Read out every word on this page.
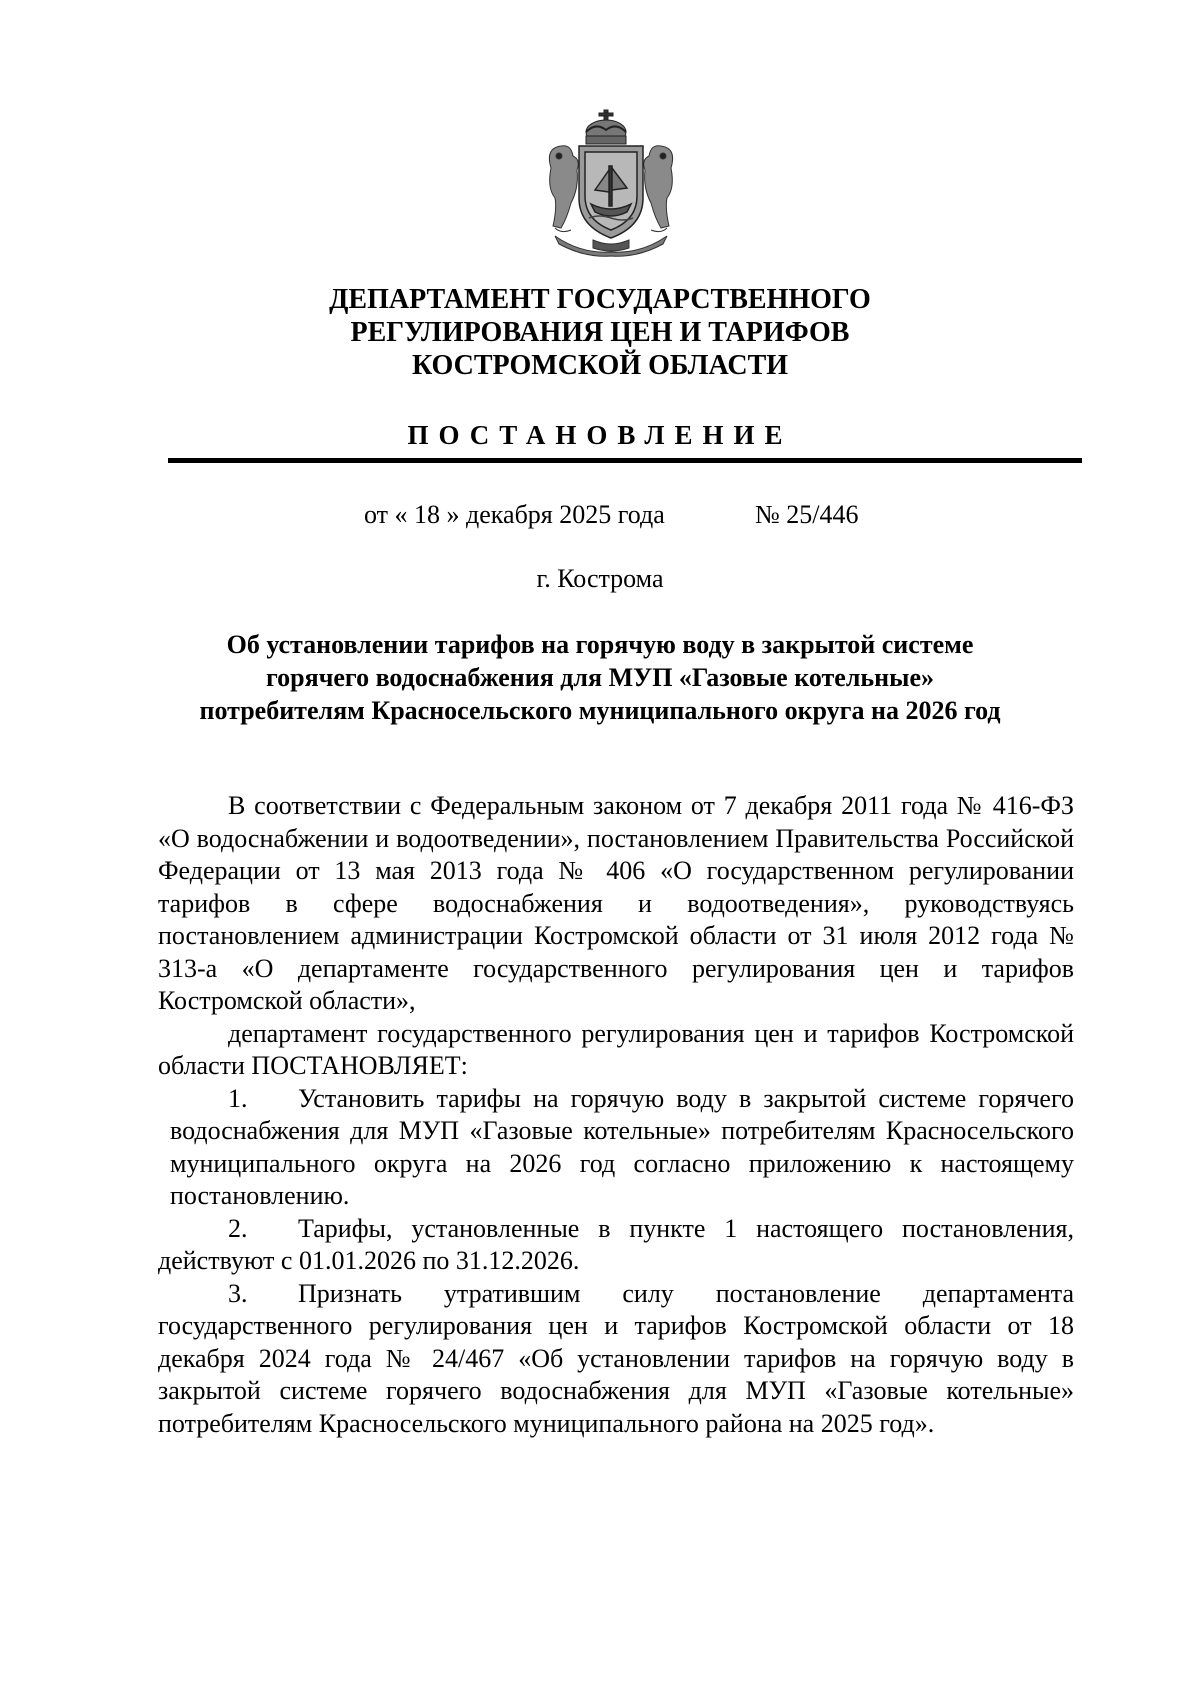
ДЕПАРТАМЕНТ ГОСУДАРСТВЕННОГО
РЕГУЛИРОВАНИЯ ЦЕН И ТАРИФОВ
КОСТРОМСКОЙ ОБЛАСТИ
ПОСТАНОВЛЕНИЕ
от « 18 » декабря 2025 года	№ 25/446
г. Кострома
Об установлении тарифов на горячую воду в закрытой системе
горячего водоснабжения для МУП «Газовые котельные»
потребителям Красносельского муниципального округа на 2026 год

В соответствии с Федеральным законом от 7 декабря 2011 года № 416-ФЗ «О водоснабжении и водоотведении», постановлением Правительства Российской Федерации от 13 мая 2013 года № 406 «О государственном регулировании тарифов в сфере водоснабжения и водоотведения», руководствуясь постановлением администрации Костромской области от 31 июля 2012 года № 313-а «О департаменте государственного регулирования цен и тарифов Костромской области»,

департамент государственного регулирования цен и тарифов Костромской области ПОСТАНОВЛЯЕТ:

1. Установить тарифы на горячую воду в закрытой системе горячего водоснабжения для МУП «Газовые котельные» потребителям Красносельского муниципального округа на 2026 год согласно приложению к настоящему постановлению.

2. Тарифы, установленные в пункте 1 настоящего постановления, действуют с 01.01.2026 по 31.12.2026.

3. Признать утратившим силу постановление департамента государственного регулирования цен и тарифов Костромской области от 18 декабря 2024 года № 24/467 «Об установлении тарифов на горячую воду в закрытой системе горячего водоснабжения для МУП «Газовые котельные» потребителям Красносельского муниципального района на 2025 год».
